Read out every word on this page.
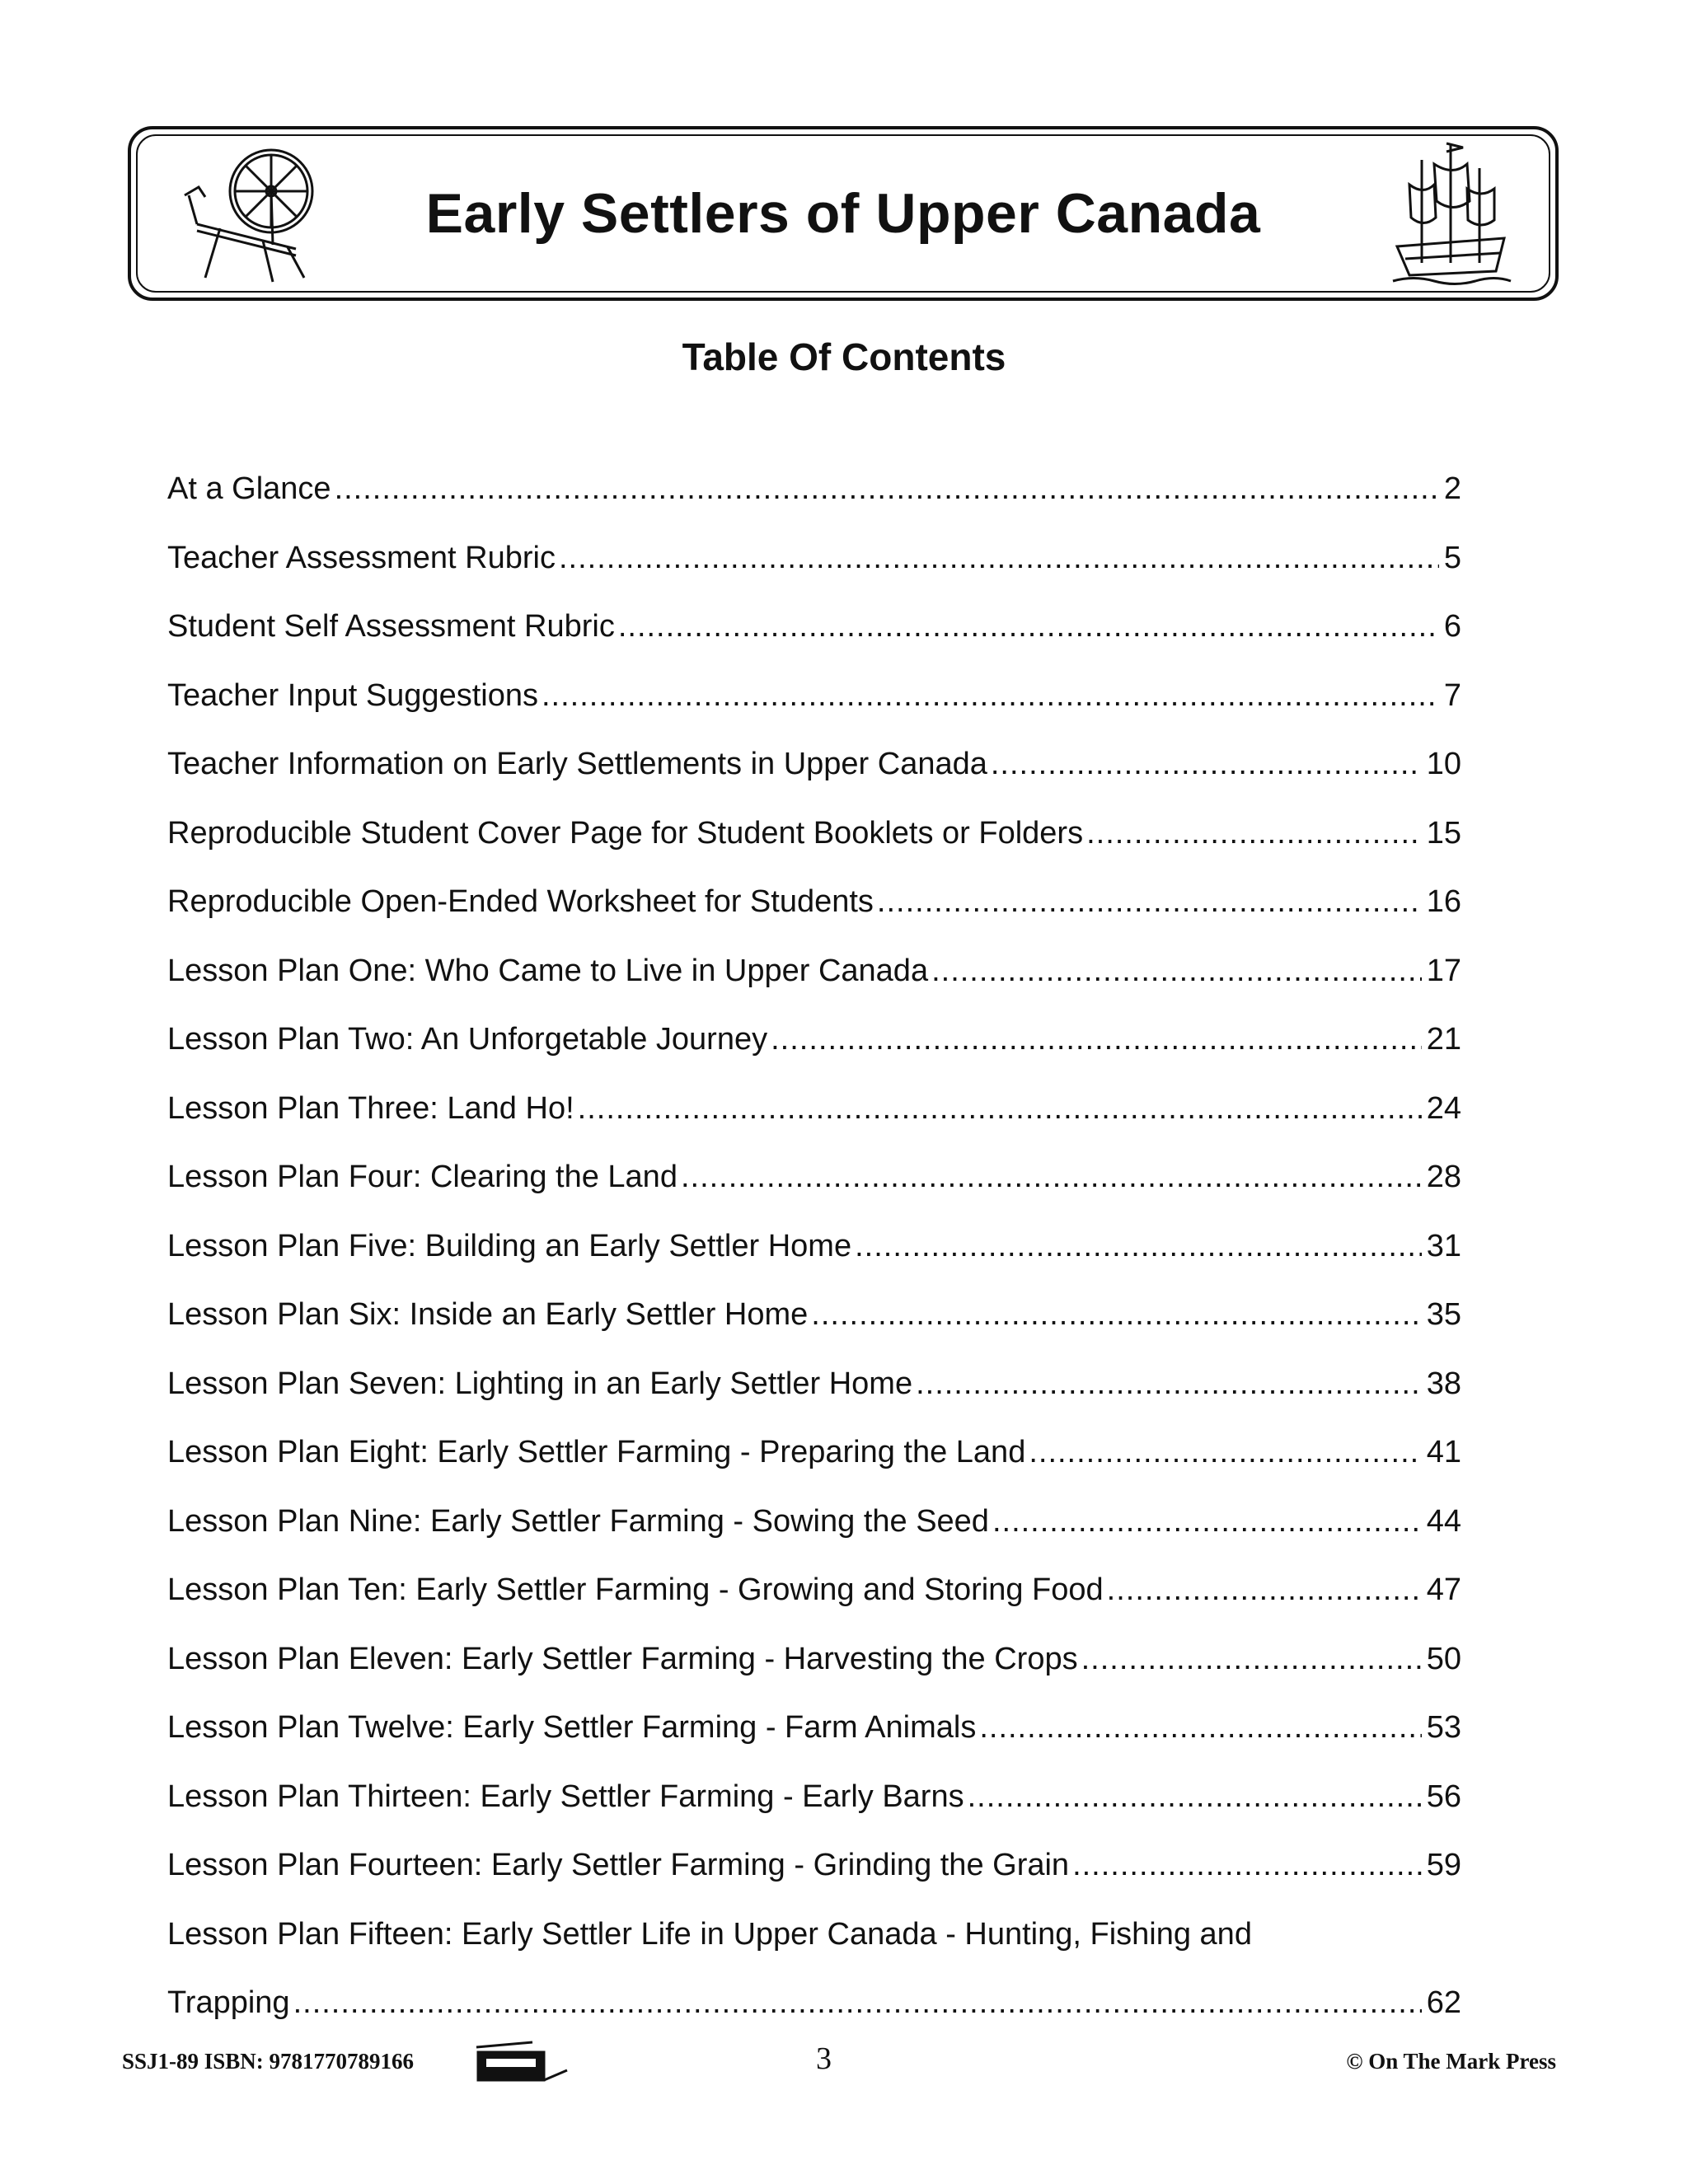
Early Settlers of Upper Canada
Table Of Contents
At a Glance .....	2
Teacher Assessment Rubric .....	5
Student Self Assessment Rubric .....	6
Teacher Input Suggestions .....	7
Teacher Information on Early Settlements in Upper Canada .....	10
Reproducible Student Cover Page for Student Booklets or Folders .....	15
Reproducible Open-Ended Worksheet for Students .....	16
Lesson Plan One: Who Came to Live in Upper Canada .....	17
Lesson Plan Two: An Unforgetable Journey .....	21
Lesson Plan Three: Land Ho! .....	24
Lesson Plan Four: Clearing the Land .....	28
Lesson Plan Five: Building an Early Settler Home .....	31
Lesson Plan Six: Inside an Early Settler Home .....	35
Lesson Plan Seven: Lighting in an Early Settler Home .....	38
Lesson Plan Eight: Early Settler Farming - Preparing the Land .....	41
Lesson Plan Nine: Early Settler Farming - Sowing the Seed .....	44
Lesson Plan Ten: Early Settler Farming - Growing and Storing Food .....	47
Lesson Plan Eleven: Early Settler Farming - Harvesting the Crops .....	50
Lesson Plan Twelve: Early Settler Farming - Farm Animals .....	53
Lesson Plan Thirteen: Early Settler Farming - Early Barns .....	56
Lesson Plan Fourteen: Early Settler Farming - Grinding the Grain .....	59
Lesson Plan Fifteen: Early Settler Life in Upper Canada - Hunting, Fishing and
Trapping .....	62
SSJ1-89 ISBN: 9781770789166	3	© On The Mark Press
